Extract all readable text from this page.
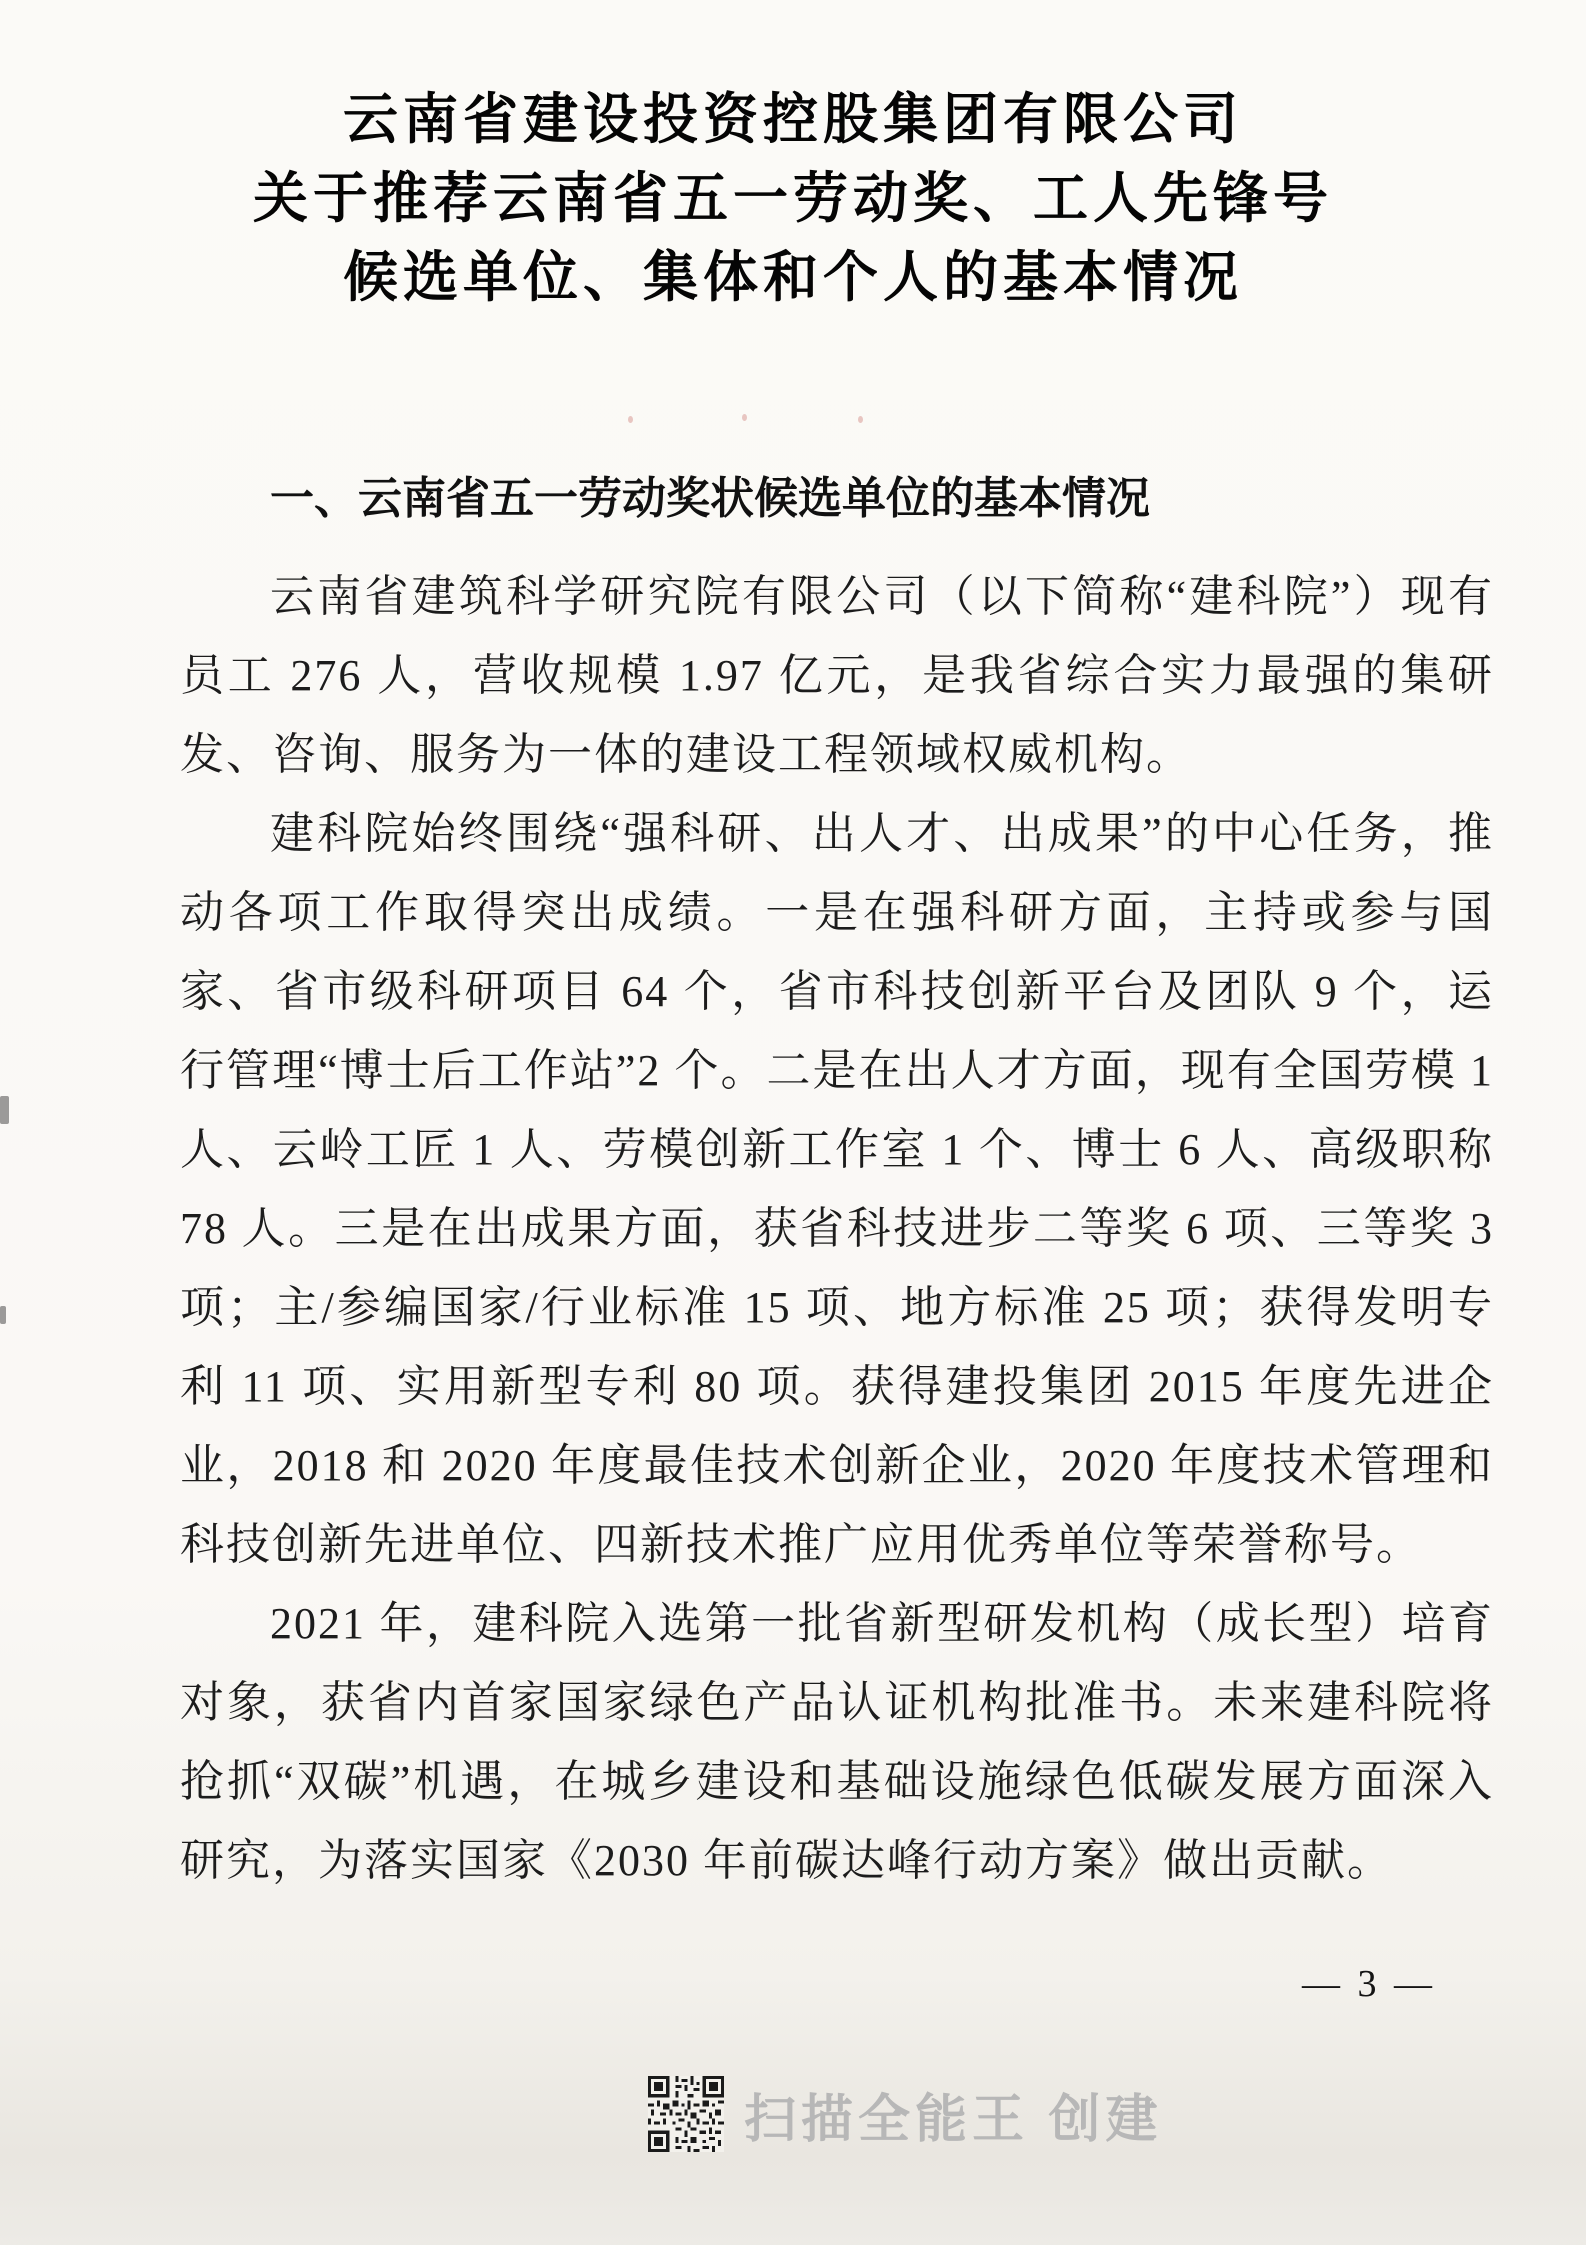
云南省建设投资控股集团有限公司
关于推荐云南省五一劳动奖、工人先锋号
候选单位、集体和个人的基本情况
一、云南省五一劳动奖状候选单位的基本情况

云南省建筑科学研究院有限公司（以下简称“建科院”）现有员工 276 人，营收规模 1.97 亿元，是我省综合实力最强的集研发、咨询、服务为一体的建设工程领域权威机构。

建科院始终围绕“强科研、出人才、出成果”的中心任务，推动各项工作取得突出成绩。一是在强科研方面，主持或参与国家、省市级科研项目 64 个，省市科技创新平台及团队 9 个，运行管理“博士后工作站”2 个。二是在出人才方面，现有全国劳模 1 人、云岭工匠 1 人、劳模创新工作室 1 个、博士 6 人、高级职称 78 人。三是在出成果方面，获省科技进步二等奖 6 项、三等奖 3 项；主/参编国家/行业标准 15 项、地方标准 25 项；获得发明专利 11 项、实用新型专利 80 项。获得建投集团 2015 年度先进企业，2018 和 2020 年度最佳技术创新企业，2020 年度技术管理和科技创新先进单位、四新技术推广应用优秀单位等荣誉称号。

2021 年，建科院入选第一批省新型研发机构（成长型）培育对象，获省内首家国家绿色产品认证机构批准书。未来建科院将抢抓“双碳”机遇，在城乡建设和基础设施绿色低碳发展方面深入研究，为落实国家《2030 年前碳达峰行动方案》做出贡献。

— 3 —
扫描全能王 创建
